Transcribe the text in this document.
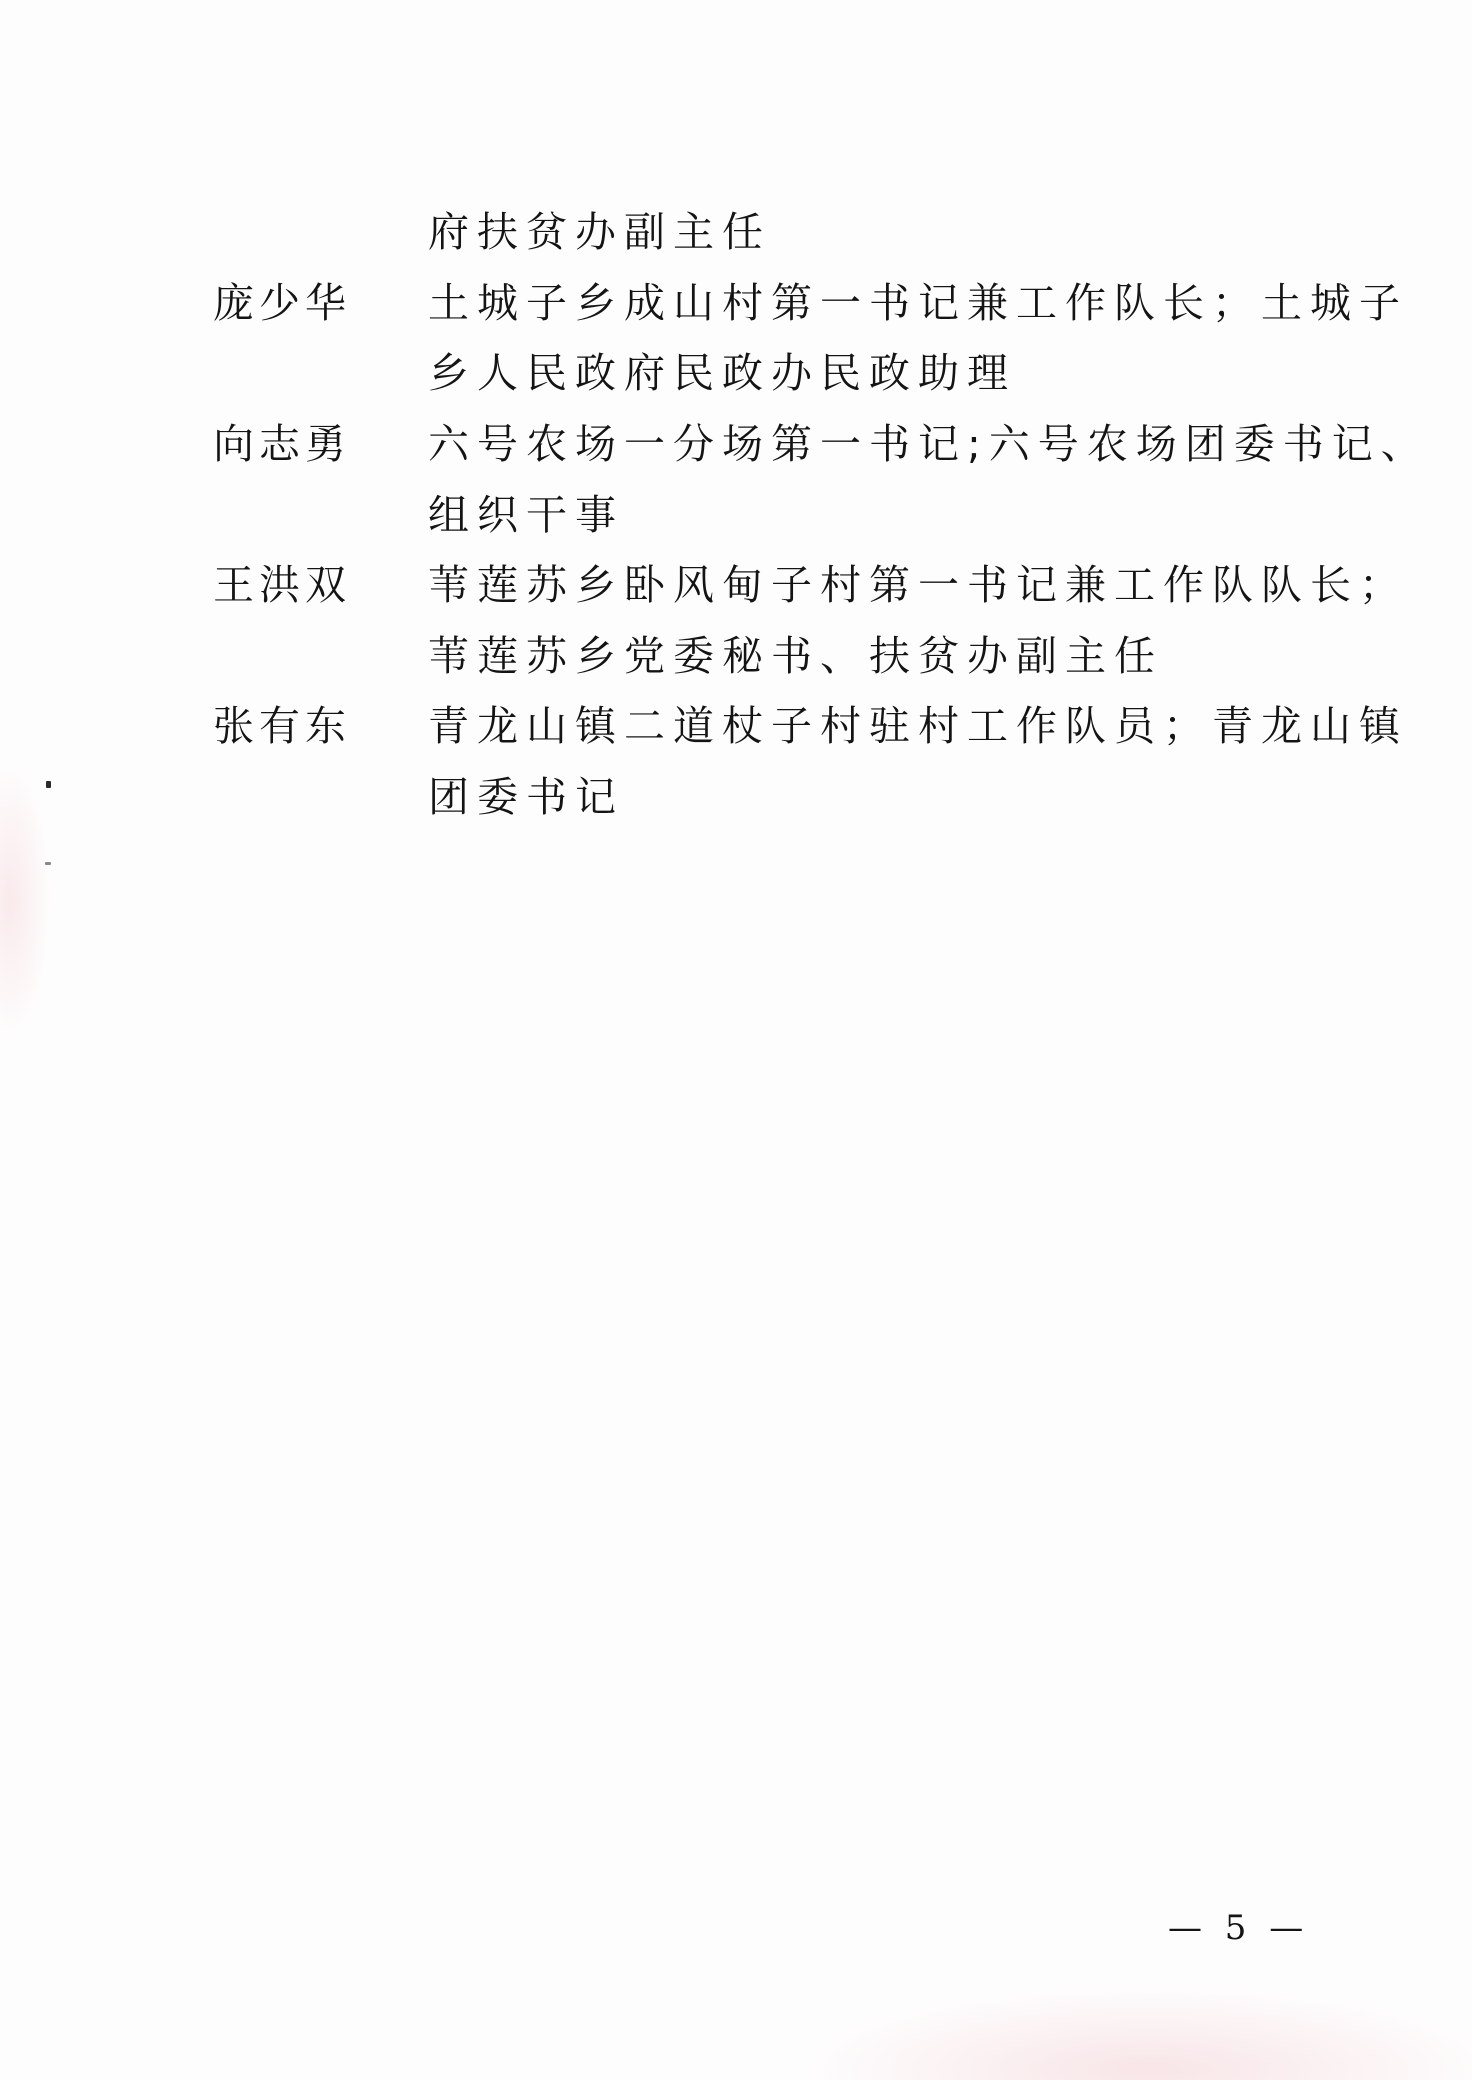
府扶贫办副主任
庞少华 土城子乡成山村第一书记兼工作队长；土城子
乡人民政府民政办民政助理
向志勇 六号农场一分场第一书记;六号农场团委书记、
组织干事
王洪双 苇莲苏乡卧风甸子村第一书记兼工作队队长；
苇莲苏乡党委秘书、扶贫办副主任
张有东 青龙山镇二道杖子村驻村工作队员；青龙山镇
团委书记
— 5 —
